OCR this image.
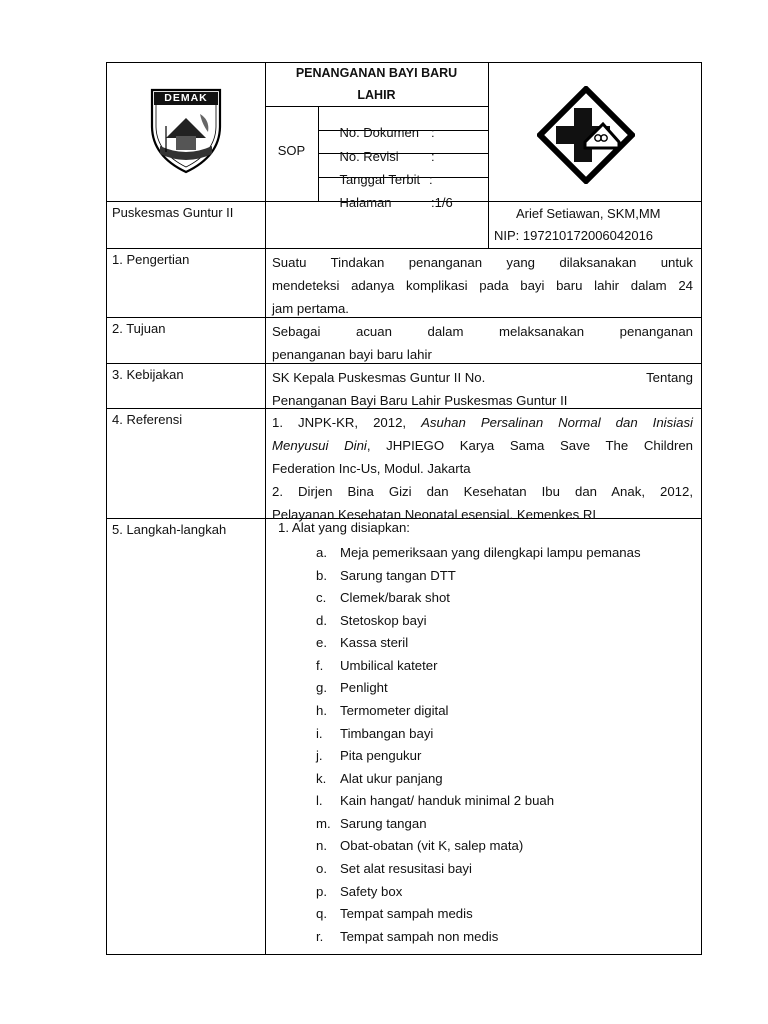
DEMAK
PENANGANAN BAYI BARU
LAHIR
SOP

No. Dokumen :

No. Revisi :

Tanggal Terbit :

Halaman	:1/6

Puskesmas Guntur II	Arief Setiawan, SKM,MM
NIP: 197210172006042016
1. Pengertian	Suatu Tindakan penanganan yang dilaksanakan untuk
mendeteksi adanya komplikasi pada bayi baru lahir dalam 24
jam pertama.
2. Tujuan	Sebagai acuan dalam melaksanakan penanganan
penanganan bayi baru lahir
3. Kebijakan	SK Kepala Puskesmas Guntur II No.	Tentang
Penanganan Bayi Baru Lahir Puskesmas Guntur II
4. Referensi	1. JNPK-KR, 2012, Asuhan Persalinan Normal dan Inisiasi
Menyusui Dini, JHPIEGO Karya Sama Save The Children
Federation Inc-Us, Modul. Jakarta
2. Dirjen Bina Gizi dan Kesehatan Ibu dan Anak, 2012,
Pelayanan Kesehatan Neonatal esensial. Kemenkes RI
5. Langkah-langkah	1. Alat yang disiapkan:
a. Meja pemeriksaan yang dilengkapi lampu pemanas
b. Sarung tangan DTT
c. Clemek/barak shot
d. Stetoskop bayi
e. Kassa steril
f. Umbilical kateter
g. Penlight
h. Termometer digital
i. Timbangan bayi
j. Pita pengukur
k. Alat ukur panjang
l. Kain hangat/ handuk minimal 2 buah
m. Sarung tangan
n. Obat-obatan (vit K, salep mata)
o. Set alat resusitasi bayi
p. Safety box
q. Tempat sampah medis
r. Tempat sampah non medis
